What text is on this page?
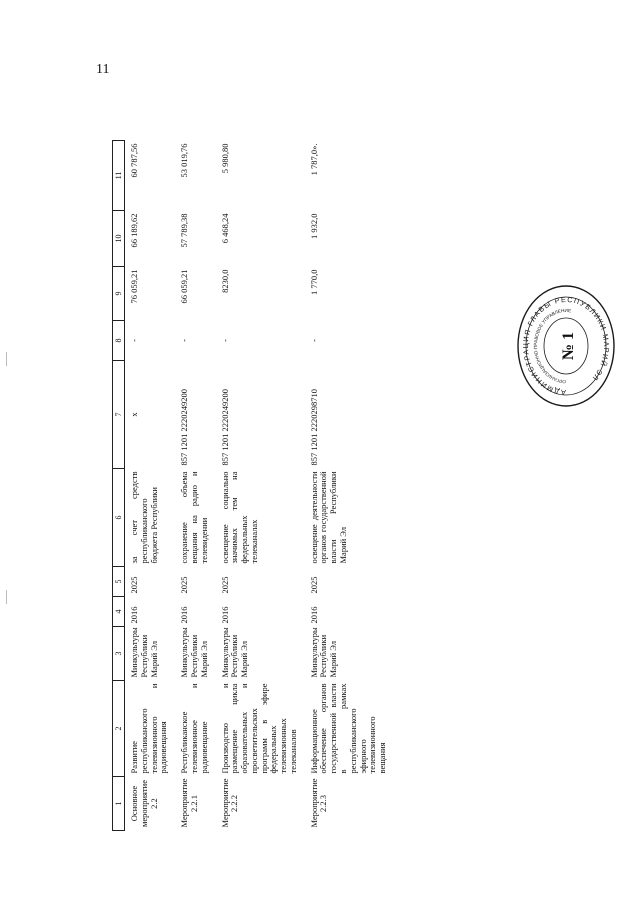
11
1	2	3	4	5	6	7	8	9	10	11
Основное мероприятие 2.2	Развитие республиканского телевизионного и радиовещания	Минкультуры Республики Марий Эл	2016	2025	за счет средств республиканского бюджета Республики	х	-	76 059,21	66 189,62	60 787,56
Мероприятие 2.2.1	Республиканское телевизионное и радиовещание	Минкультуры Республики Марий Эл	2016	2025	сохранение объема вещания на радио и телевидении	857 1201 2220249200	-	66 059,21	57 789,38	53 019,76
Мероприятие 2.2.2	Производство и размещение цикла образовательных и просветительских программ в эфире федеральных телевизионных телеканалов	Минкультуры Республики Марий Эл	2016	2025	освещение социально значимых тем на федеральных телеканалах	857 1201 2220249200	-	8230,0	6 468,24	5 980,80
Мероприятие 2.2.3	Информационное обеспечение органов государственной власти в рамках республиканского эфирного телевизионного вещания	Минкультуры Республики Марий Эл	2016	2025	освещение деятельности органов государственной власти Республики Марий Эл	857 1201 2220298710	-	1 770,0	1 932,0	1 787,0».
АДМИНИСТРАЦИЯ ГЛАВЫ РЕСПУБЛИКИ МАРИЙ ЭЛ
ОРГАНИЗАЦИОННО-ПРАВОВОЕ УПРАВЛЕНИЕ
№ 1
